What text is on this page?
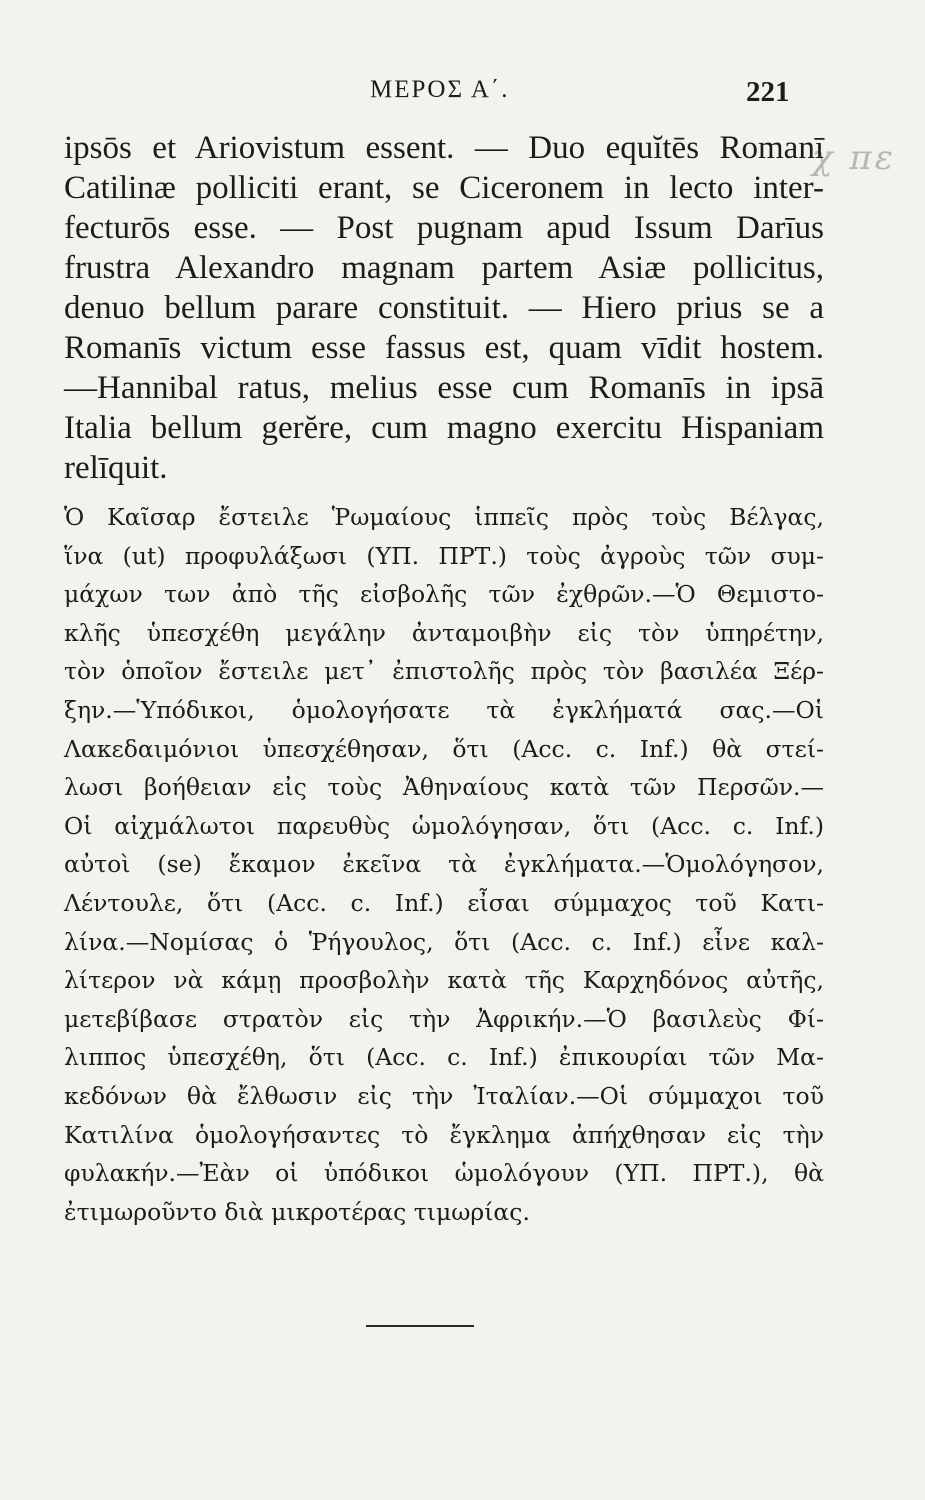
ΜΕΡΟΣ Α΄.	221
χ πε
ipsōs et Ariovistum essent. — Duo equĭtēs Romanī
Catilinæ polliciti erant, se Ciceronem in lecto inter-
fecturōs esse. — Post pugnam apud Issum Darīus
frustra Alexandro magnam partem Asiæ pollicitus,
denuo bellum parare constituit. — Hiero prius se a
Romanīs victum esse fassus est, quam vīdit hostem.
—Hannibal ratus, melius esse cum Romanīs in ipsā
Italia bellum gerĕre, cum magno exercitu Hispaniam
relīquit.
Ὁ Καῖσαρ ἔστειλε Ῥωμαίους ἱππεῖς πρὸς τοὺς Βέλγας,
ἵνα (ut) προφυλάξωσι (ΥΠ. ΠΡΤ.) τοὺς ἀγροὺς τῶν συμ-
μάχων των ἀπὸ τῆς εἰσβολῆς τῶν ἐχθρῶν.—Ὁ Θεμιστο-
κλῆς ὑπεσχέθη μεγάλην ἀνταμοιβὴν εἰς τὸν ὑπηρέτην,
τὸν ὁποῖον ἔστειλε μετ᾽ ἐπιστολῆς πρὸς τὸν βασιλέα Ξέρ-
ξην.—Ὑπόδικοι, ὁμολογήσατε τὰ ἐγκλήματά σας.—Οἱ
Λακεδαιμόνιοι ὑπεσχέθησαν, ὅτι (Acc. c. Inf.) θὰ στεί-
λωσι βοήθειαν εἰς τοὺς Ἀθηναίους κατὰ τῶν Περσῶν.—
Οἱ αἰχμάλωτοι παρευθὺς ὡμολόγησαν, ὅτι (Acc. c. Inf.)
αὐτοὶ (se) ἔκαμον ἐκεῖνα τὰ ἐγκλήματα.—Ὁμολόγησον,
Λέντουλε, ὅτι (Acc. c. Inf.) εἶσαι σύμμαχος τοῦ Κατι-
λίνα.—Νομίσας ὁ Ῥήγουλος, ὅτι (Acc. c. Inf.) εἶνε καλ-
λίτερον νὰ κάμῃ προσβολὴν κατὰ τῆς Καρχηδόνος αὐτῆς,
μετεβίβασε στρατὸν εἰς τὴν Ἀφρικήν.—Ὁ βασιλεὺς Φί-
λιππος ὑπεσχέθη, ὅτι (Acc. c. Inf.) ἐπικουρίαι τῶν Μα-
κεδόνων θὰ ἔλθωσιν εἰς τὴν Ἰταλίαν.—Οἱ σύμμαχοι τοῦ
Κατιλίνα ὁμολογήσαντες τὸ ἔγκλημα ἀπήχθησαν εἰς τὴν
φυλακήν.—Ἐὰν οἱ ὑπόδικοι ὡμολόγουν (ΥΠ. ΠΡΤ.), θὰ
ἐτιμωροῦντο διὰ μικροτέρας τιμωρίας.
